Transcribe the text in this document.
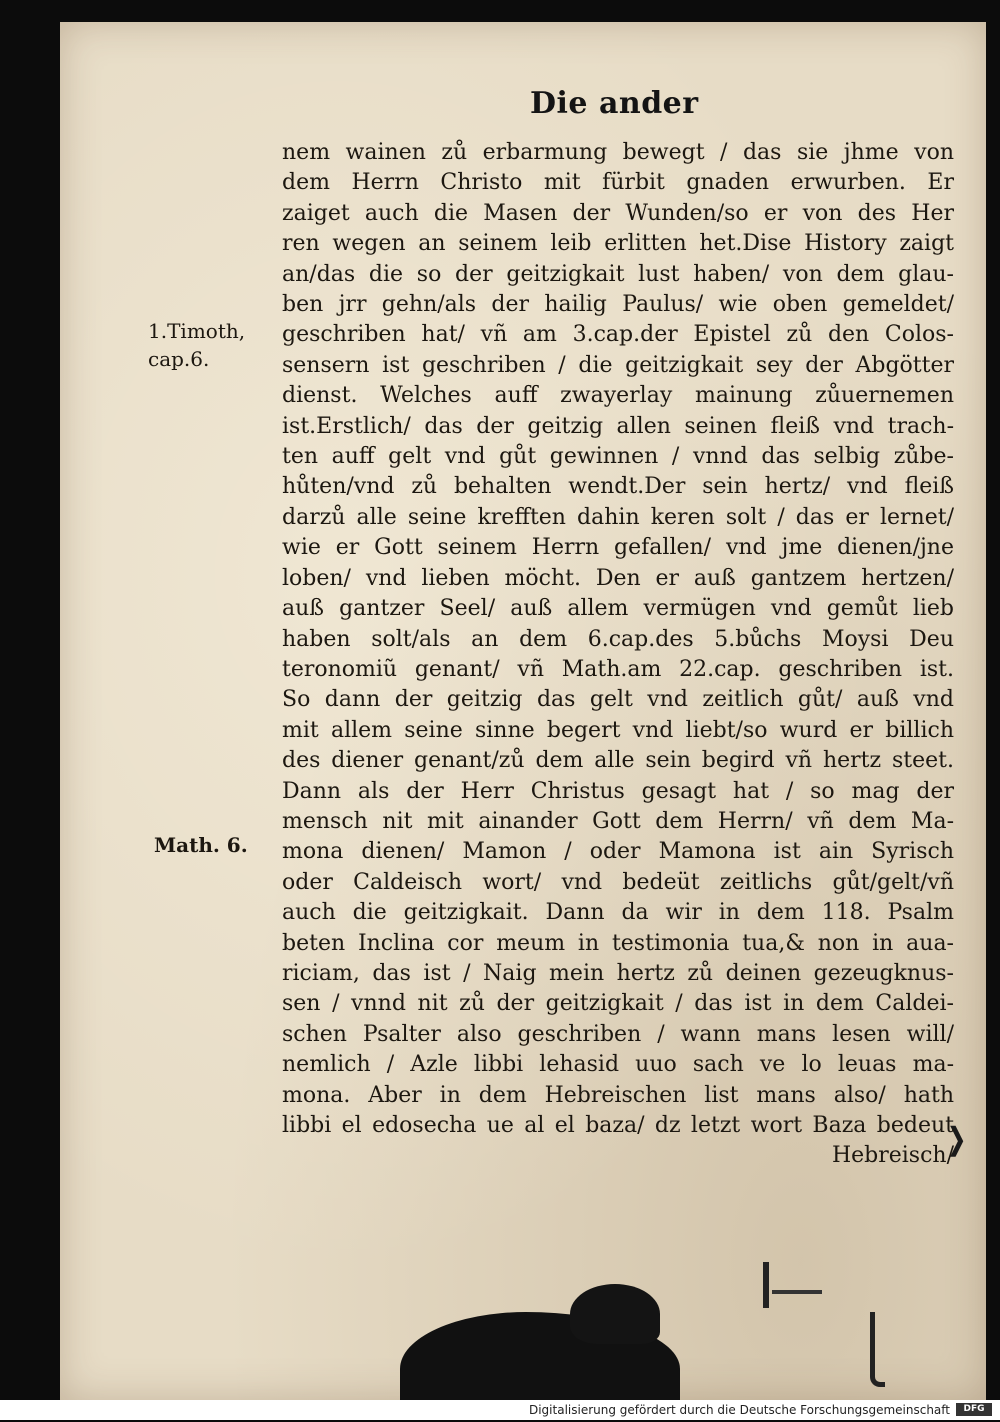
Die ander
1.Timoth,
cap.6.
Math. 6.
❭
nem wainen zů erbarmung bewegt / das sie jhme von
dem Herrn Christo mit fürbit gnaden erwurben. Er
zaiget auch die Masen der Wunden/so er von des Her
ren wegen an seinem leib erlitten het.Dise History zaigt
an/das die so der geitzigkait lust haben/ von dem glau-
ben jrr gehn/als der hailig Paulus/ wie oben gemeldet/
geschriben hat/ vñ am 3.cap.der Epistel zů den Colos-
sensern ist geschriben / die geitzigkait sey der Abgötter
dienst. Welches auff zwayerlay mainung zůuernemen
ist.Erstlich/ das der geitzig allen seinen fleiß vnd trach-
ten auff gelt vnd gůt gewinnen / vnnd das selbig zůbe-
hůten/vnd zů behalten wendt.Der sein hertz/ vnd fleiß
darzů alle seine krefften dahin keren solt / das er lernet/
wie er Gott seinem Herrn gefallen/ vnd jme dienen/jne
loben/ vnd lieben möcht. Den er auß gantzem hertzen/
auß gantzer Seel/ auß allem vermügen vnd gemůt lieb
haben solt/als an dem 6.cap.des 5.bůchs Moysi Deu
teronomiũ genant/ vñ Math.am 22.cap. geschriben ist.
So dann der geitzig das gelt vnd zeitlich gůt/ auß vnd
mit allem seine sinne begert vnd liebt/so wurd er billich
des diener genant/zů dem alle sein begird vñ hertz steet.
Dann als der Herr Christus gesagt hat / so mag der
mensch nit mit ainander Gott dem Herrn/ vñ dem Ma-
mona dienen/ Mamon / oder Mamona ist ain Syrisch
oder Caldeisch wort/ vnd bedeüt zeitlichs gůt/gelt/vñ
auch die geitzigkait. Dann da wir in dem 118. Psalm
beten Inclina cor meum in testimonia tua,& non in aua-
riciam, das ist / Naig mein hertz zů deinen gezeugknus-
sen / vnnd nit zů der geitzigkait / das ist in dem Caldei-
schen Psalter also geschriben / wann mans lesen will/
nemlich / Azle libbi lehasid uuo sach ve lo leuas ma-
mona. Aber in dem Hebreischen list mans also/ hath
libbi el edosecha ue al el baza/ dz letzt wort Baza bedeut
Hebreisch/
Digitalisierung gefördert durch die Deutsche Forschungsgemeinschaft	DFG
